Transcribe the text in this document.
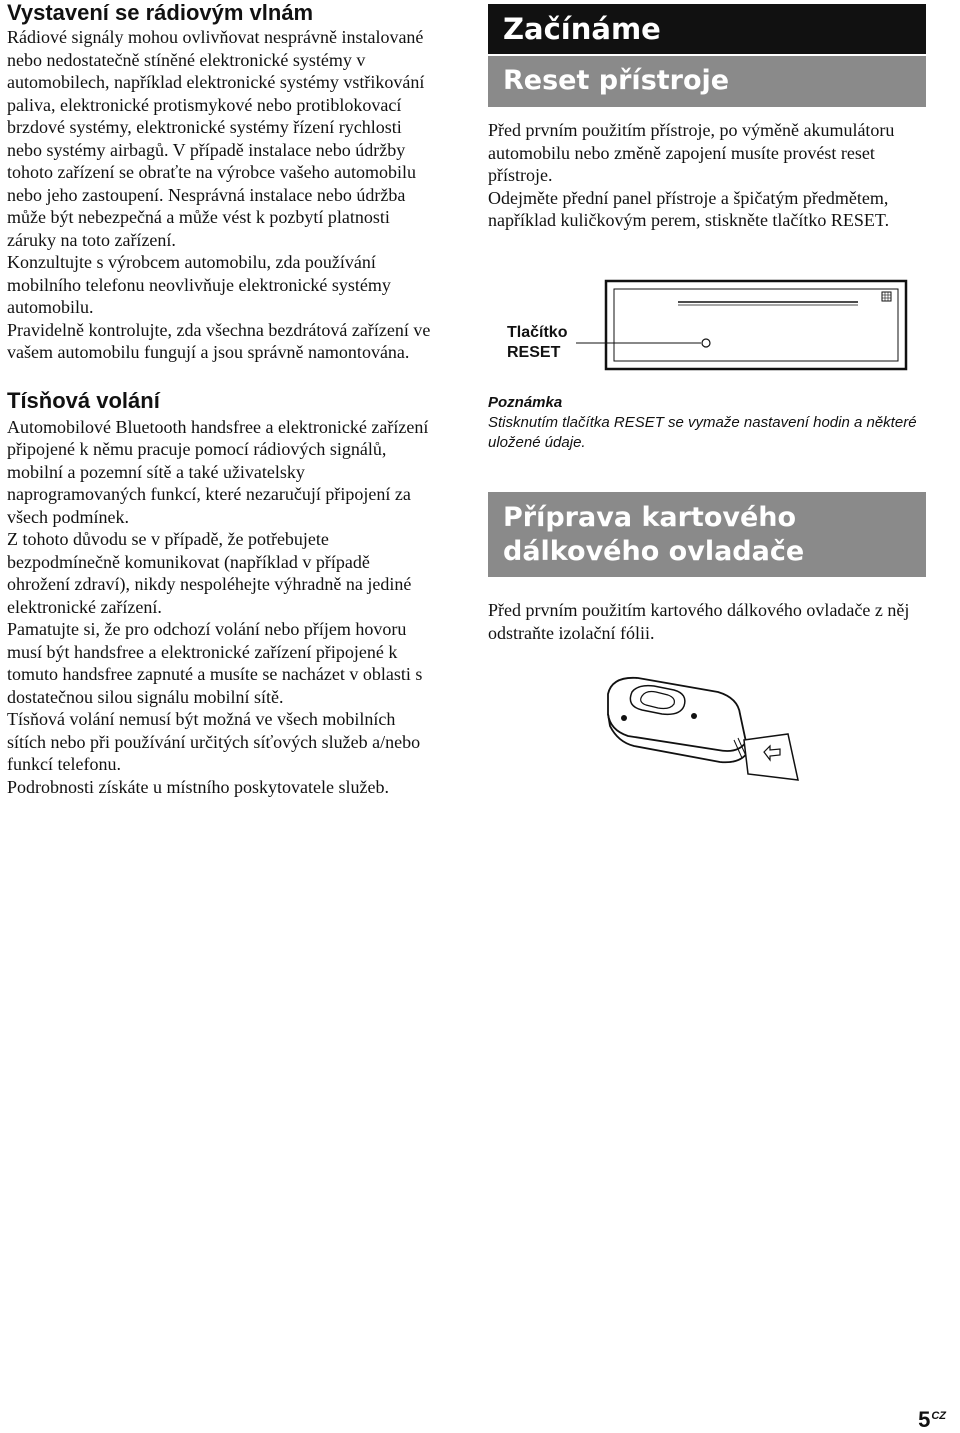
Vystavení se rádiovým vlnám

Rádiové signály mohou ovlivňovat nesprávně instalované nebo nedostatečně stíněné elektronické systémy v automobilech, například elektronické systémy vstřikování paliva, elektronické protismykové nebo protiblokovací brzdové systémy, elektronické systémy řízení rychlosti nebo systémy airbagů. V případě instalace nebo údržby tohoto zařízení se obraťte na výrobce vašeho automobilu nebo jeho zastoupení. Nesprávná instalace nebo údržba může být nebezpečná a může vést k pozbytí platnosti záruky na toto zařízení.

Konzultujte s výrobcem automobilu, zda používání mobilního telefonu neovlivňuje elektronické systémy automobilu.

Pravidelně kontrolujte, zda všechna bezdrátová zařízení ve vašem automobilu fungují a jsou správně namontována.

Tísňová volání

Automobilové Bluetooth handsfree a elektronické zařízení připojené k němu pracuje pomocí rádiových signálů, mobilní a pozemní sítě a také uživatelsky naprogramovaných funkcí, které nezaručují připojení za všech podmínek.

Z tohoto důvodu se v případě, že potřebujete bezpodmínečně komunikovat (například v případě ohrožení zdraví), nikdy nespoléhejte výhradně na jediné elektronické zařízení.

Pamatujte si, že pro odchozí volání nebo příjem hovoru musí být handsfree a elektronické zařízení připojené k tomuto handsfree zapnuté a musíte se nacházet v oblasti s dostatečnou silou signálu mobilní sítě.

Tísňová volání nemusí být možná ve všech mobilních sítích nebo při používání určitých síťových služeb a/nebo funkcí telefonu.

Podrobnosti získáte u místního poskytovatele služeb.

Začínáme
Reset přístroje

Před prvním použitím přístroje, po výměně akumulátoru automobilu nebo změně zapojení musíte provést reset přístroje.

Odejměte přední panel přístroje a špičatým předmětem, například kuličkovým perem, stiskněte tlačítko RESET.

Tlačítko
RESET
Poznámka
Stisknutím tlačítka RESET se vymaže nastavení hodin a některé uložené údaje.
Příprava kartového dálkového ovladače

Před prvním použitím kartového dálkového ovladače z něj odstraňte izolační fólii.

$5^{CZ}$
